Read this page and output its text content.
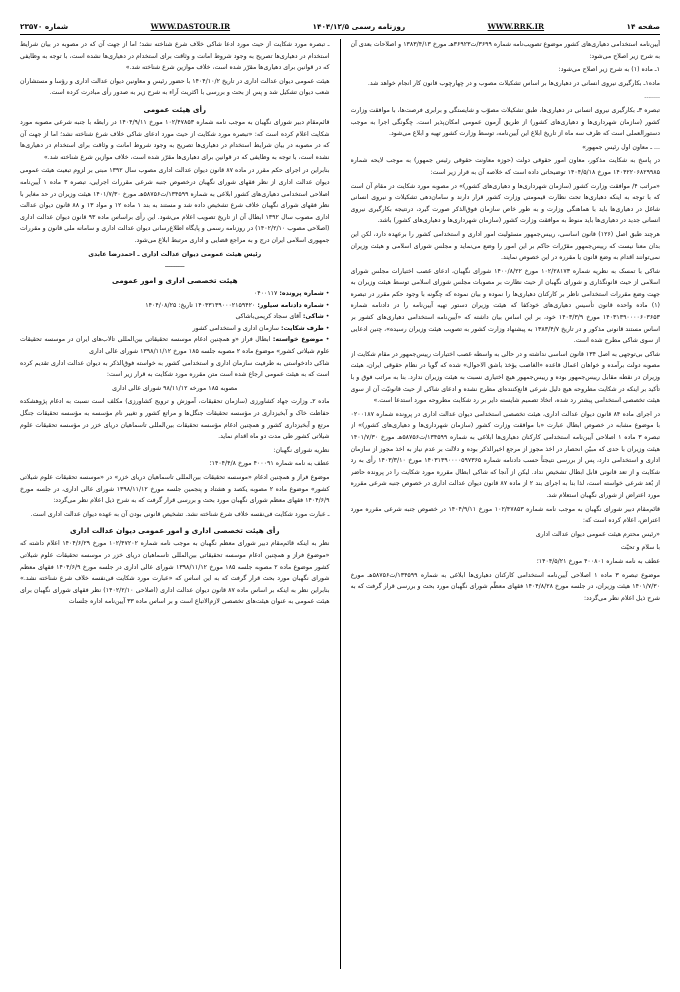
صفحه ۱۴
WWW.RRK.IR
روزنامه رسمی ۱۴۰۴/۱۲/۵
WWW.DASTOUR.IR
شماره ۲۳۵۷۰

آیین‌نامه استخدامی دهیاری‌های کشور موضوع تصویب‌نامه شماره ۳۶۹۹/ت۳۶۹۲۳هـ مورخ ۱۳۸۳/۴/۱۳ و اصلاحات بعدی آن به شرح زیر اصلاح می‌شود:

۱ـ ماده (۱) به شرح زیر اصلاح می‌شود:

ماده۱ـ بکارگیری نیروی انسانی در دهیاری‌ها بر اساس تشکیلات مصوب و در چهارچوب قانون کار انجام خواهد شد.

........

تبصره ۳ـ بکارگیری نیروی انسانی در دهیاری‌ها، طبق تشکیلات مصوّب و شایستگی و برابری فرصت‌ها، با موافقت وزارت کشور (سازمان شهرداری‌ها و دهیاری‌های کشور) از طریق آزمون عمومی امکان‌پذیر است. چگونگی اجرا به موجب دستورالعملی است که ظرف سه ماه از تاریخ ابلاغ این آیین‌نامه، توسط وزارت کشور تهیه و ابلاغ می‌شود.

... ـ معاون اول رئیس جمهور»

در پاسخ به شکایت مذکور، معاون امور حقوقی دولت (حوزه معاونت حقوقی رئیس جمهور) به موجب لایحه شماره ۱۴۰۴۲۲۰۶۸۲۹۹۸۵ مورخ ۱۴۰۴/۵/۱۸ توضیحاتی داده است که خلاصه آن به قرار زیر است:

«مراتب ۴/ موافقت وزارت کشور (سازمان شهرداری‌ها و دهیاری‌های کشور)» در مصوبه مورد شکایت در مقام آن است که با توجه به اینکه دهیاری‌ها تحت نظارت قیمومتی وزارت کشور قرار دارند و سامان‌دهی تشکیلات و نیروی انسانی شاغل در دهیاری‌ها باید با هماهنگی وزارت و به طور خاص سازمان فوق‌الذکر صورت گیرد، درنتیجه بکارگیری نیروی انسانی جدید در دهیاری‌ها باید منوط به موافقت وزارت کشور (سازمان شهرداری‌ها و دهیاری‌های کشور) باشد.

هرچند طبق اصل (۱۲۶) قانون اساسی، رییس‌جمهور مسئولیت امور اداری و استخدامی کشور را برعهده دارد، لکن این بدان معنا نیست که رییس‌جمهور مقرّرات حاکم بر این امور را وضع می‌نماید و مجلس شورای اسلامی و هیئت وزیران نمی‌توانند اقدام به وضع قانون یا مقرره در این خصوص نمایند.

شاکی با تمسک به نظریه شماره ۱۰۲/۲۸۱۷۳ مورخ ۱۴۰۰/۸/۲۲ شورای نگهبان، ادعای غصب اختیارات مجلس شورای اسلامی از حیث قانونگذاری و شورای نگهبان از حیث نظارت بر مصوبات مجلس شورای اسلامی توسط هیئت وزیران به جهت وضع مقررات استخدامی ناظر بر کارکنان دهیاری‌ها را نموده و بیان نموده که چگونه با وجود حکم مقرر در تبصره (۱) ماده واحده قانون تأسیس دهیاری‌های خودکفا که هیئت وزیران دستور تهیه آیین‌نامه را در دادنامه شماره ۱۴۰۳۱۳۹۰۰۰۰۶۰۳۶۵۳ مورخ ۱۴۰۳/۳/۹ خود، بر این اساس بیان داشته که «آیین‌نامه استخدامی دهیاری‌های کشور بر اساس مستند قانونی مذکور و در تاریخ ۱۳۸۳/۴/۷ به پیشنهاد وزارت کشور به تصویب هیئت وزیران رسیده»، چنین ادعایی از سوی شاکی مطرح شده است.

شاکی بی‌توجهی به اصل ۱۳۴ قانون اساسی نداشته و در حالی به واسطه غصب اختیارات رییس‌جمهور در مقام شکایت از مصوبه دولت برآمده و خواهان اعمال قاعده «الغاصب یؤخذ باشق الاحوال» شده که گویا در نظام حقوقی ایران، هیئت وزیران در نقطه مقابل رییس‌جمهور بوده و رییس‌جمهور هیچ اختیاری نسبت به هیئت وزیران ندارد. بنا به مراتب فوق و با تأکید بر اینکه در شکایت مطروحه هیچ دلیل شرعی قانع‌کننده‌ای مطرح نشده و ادعای شاکی از حیث قانونیّت آن از سوی هیئت تخصصی استخدامی پیشتر رد شده، اتخاذ تصمیم شایسته دایر بر رد شکایت مطروحه مورد استدعا است.»

در اجرای ماده ۸۴ قانون دیوان عدالت اداری، هیئت تخصصی استخدامی دیوان عدالت اداری در پرونده شماره ۰۲۰۰۱۸۷ با موضوع مشابه در خصوص ابطال عبارت «با موافقت وزارت کشور (سازمان شهرداری‌ها و دهیاری‌های کشور)» از تبصره ۳ ماده ۱ اصلاحی آیین‌نامه استخدامی کارکنان دهیاری‌ها ابلاغی به شماره ۱۳۴۵۹۹/ت۵۸۷۵۶هـ مورخ ۱۴۰۱/۷/۳۰ هیئت وزیران با حدی که مبیّن انحصار در اخذ مجوز از مرجع اخیرالذکر بوده و دلالت بر عدم نیاز به اخذ مجوز از سازمان اداری و استخدامی دارد، پس از بررسی نتیجتاً حسب دادنامه شماره ۱۴۰۳۱۳۹۰۰۰۰۵۹۷۳۶۵ مورخ ۱۴۰۳/۳/۱۰ رأی به رد شکایت و از تعد قانونی قابل ابطال تشخیص نداد. لیکن از آنجا که شاکی ابطال مقرره مورد شکایت را در پرونده حاضر از بُعد شرعی خواسته است، لذا بنا به اجرای بند ۲ از ماده ۸۷ قانون دیوان عدالت اداری در خصوص جنبه شرعی مقرره مورد اعتراض از شورای نگهبان استعلام شد.

قائم‌مقام دبیر شورای نگهبان به موجب نامه شماره ۱۰۲/۴۷۸۵۳ مورخ ۱۴۰۴/۹/۱۱ در خصوص جنبه شرعی مقرره مورد اعتراض، اعلام کرده است که:

«رئیس محترم هیئت عمومی دیوان عدالت اداری

با سلام و تحیّت

عطف به نامه شماره ۴۰۰۸۰۱ مورخ ۱۴۰۴/۵/۲۱؛

موضوع تبصره ۳ ماده ۱ اصلاحی آیین‌نامه استخدامی کارکنان دهیاری‌ها ابلاغی به شماره ۱۳۴۵۹۹/ت۵۸۷۵۶هـ مورخ ۱۴۰۱/۷/۳۰ هیئت وزیران، در جلسه مورخ ۱۴۰۴/۸/۲۸ فقهای معظّم شورای نگهبان مورد بحث و بررسی قرار گرفت که به شرح ذیل اعلام نظر می‌گردد:

ـ تبصره مورد شکایت از حیث مورد ادعا شاکی خلاف شرع شناخته نشد؛ اما از جهت آن که در مصوبه در بیان شرایط استخدام در دهیاری‌ها تصریح به وجود شروط امانت و وثاقت برای استخدام در دهیاری‌ها نشده است، با توجه به وظایفی که در قوانین برای دهیاری‌ها مقرّر شده است، خلاف موازین شرع شناخته شد.»

هیئت عمومی دیوان عدالت اداری در تاریخ ۱۴۰۴/۱۰/۲ با حضور رئیس و معاونین دیوان عدالت اداری و رؤسا و مستشاران شعب دیوان تشکیل شد و پس از بحث و بررسی با اکثریت آراء به شرح زیر به صدور رأی مبادرت کرده است.

رأی هیئت عمومی

قائم‌مقام دبیر شورای نگهبان به موجب نامه شماره ۱۰۲/۴۷۸۵۳ مورخ ۱۴۰۴/۹/۱۱ در رابطه با جنبه شرعی مصوبه مورد شکایت اعلام کرده است که: «تبصره مورد شکایت از حیث مورد ادعای شاکی خلاف شرع شناخته نشد؛ اما از جهت آن که در مصوبه در بیان شرایط استخدام در دهیاری‌ها تصریح به وجود شروط امانت و وثاقت برای استخدام در دهیاری‌ها نشده است، با توجه به وظایفی که در قوانین برای دهیاری‌ها مقرّر شده است، خلاف موازین شرع شناخته شد.»

بنابراین در اجرای حکم مقرر در ماده ۸۷ قانون دیوان عدالت اداری مصوب سال ۱۳۹۲ مبنی بر لزوم تبعیت هیئت عمومی دیوان عدالت اداری از نظر فقهای شورای نگهبان درخصوص جنبه شرعی مقررات اجرایی، تبصره ۳ ماده ۱ آیین‌نامه اصلاحی استخدامی دهیاری‌های کشور ابلاغی به شماره ۱۳۴۵۹۹/ت۵۸۷۵۶هـ مورخ ۱۴۰۱/۷/۳۰ هیئت وزیران در حد مغایر با نظر فقهای شورای نگهبان خلاف شرع تشخیص داده شد و مستند به بند ۱ ماده ۱۲ و مواد ۱۳ و ۸۸ قانون دیوان عدالت اداری مصوب سال ۱۳۹۲ ابطال آن از تاریخ تصویب اعلام می‌شود. این رأی براساس ماده ۹۳ قانون دیوان عدالت اداری (اصلاحی مصوب ۱۴۰۲/۲/۱۰) در روزنامه رسمی و پایگاه اطلاع‌رسانی دیوان عدالت اداری و سامانه ملی قانون و مقررات جمهوری اسلامی ایران درج و به مراجع قضایی و اداری مرتبط ابلاغ می‌شود.

رئیس هیئت عمومی دیوان عدالت اداری ـ احمدرضا عابدی

ـــــــــــ
هیئت تخصصی اداری و امور عمومی

• شماره پرونده: ۰۴۰۰۱۱۷

• شماره دادنامه سیلور: ۱۴۰۴۳۱۳۹۰۰۰۲۱۵۹۴۲۰ تاریخ: ۱۴۰۴/۰۸/۲۵

• شاکی: آقای سجاد کریمی‌باشاکی

• طرف شکایت: سازمان اداری و استخدامی کشور

• موضوع خواسته: ابطال فراز «و همچنین ادغام موسسه تحقیقاتی بین‌المللی تالاب‌های ایران در موسسه تحقیقات علوم شیلاتی کشور» موضوع ماده ۲ مصوبه جلسه ۱۸۵ مورخ ۱۳۹۸/۱۱/۱۲ شورای عالی اداری

شاکی دادخواستی به طرفیت سازمان اداری و استخدامی کشور به خواسته فوق‌الذکر به دیوان عدالت اداری تقدیم کرده است که به هیئت عمومی ارجاع شده است متن مقرره مورد شکایت به قرار زیر است:

مصوبه ۱۸۵ مورخه ۹۸/۱۱/۱۲ شورای عالی اداری

ماده ۲ـ وزارت جهاد کشاورزی (سازمان تحقیقات، آموزش و ترویج کشاورزی) مکلف است نسبت به ادغام پژوهشکده حفاظت خاک و آبخیزداری در مؤسسه تحقیقات جنگل‌ها و مراتع کشور و تغییر نام مؤسسه به مؤسسه تحقیقات جنگل مرتع و آبخیزداری کشور و همچنین ادغام مؤسسه تحقیقات بین‌المللی تاسماهیان دریای خزر در مؤسسه تحقیقات علوم شیلاتی کشور طی مدت دو ماه اقدام نماید.

نظریه شورای نگهبان:

عطف به نامه شماره ۴۰۰۰۹۱ مورخ ۱۴۰۴/۴/۸؛

موضوع فراز و همچنین ادغام «موسسه تحقیقات بین‌المللی تاسماهیان دریای خزر» در «موسسه تحقیقات علوم شیلاتی کشور» موضوع ماده ۲ مصوبه یکصد و هشتاد و پنجمین جلسه مورخ ۱۳۹۸/۱۱/۱۲ شورای عالی اداری، در جلسه مورخ ۱۴۰۴/۶/۹ فقهای معظم شورای نگهبان مورد بحث و بررسی قرار گرفت که به شرح ذیل اعلام نظر می‌گردد:

ـ عبارت مورد شکایت فی‌نفسه خلاف شرع شناخته نشد. تشخیص قانونی بودن آن به عهده دیوان عدالت اداری است.

رأی هیئت تخصصی اداری و امور عمومی دیوان عدالت اداری

نظر به اینکه قائم‌مقام دبیر شورای معظم نگهبان به موجب نامه شماره ۱۰۲/۴۷۲۰۲ مورخ ۱۴۰۴/۶/۲۹ اعلام داشته که «موضوع فراز و همچنین ادغام موسسه تحقیقاتی بین‌المللی تاسماهیان دریای خزر در موسسه تحقیقات علوم شیلاتی کشور موضوع ماده ۲ مصوبه جلسه ۱۸۵ مورخ ۱۳۹۸/۱۱/۱۲ شورای عالی اداری در جلسه مورخ ۱۴۰۴/۶/۹ فقهای معظم شورای نگهبان مورد بحث قرار گرفت که به این اساس که «عبارت مورد شکایت فی‌نفسه خلاف شرع شناخته نشد.» بنابراین نظر به اینکه بر اساس ماده ۸۷ قانون دیوان عدالت اداری (اصلاحی ۱۴۰۲/۲/۱۰) نظر فقهای شورای نگهبان برای هیئت عمومی به عنوان هیئت‌های تخصصی لازم‌الاتباع است و بر اساس ماده ۳۳ آیین‌نامه اداره جلسات
